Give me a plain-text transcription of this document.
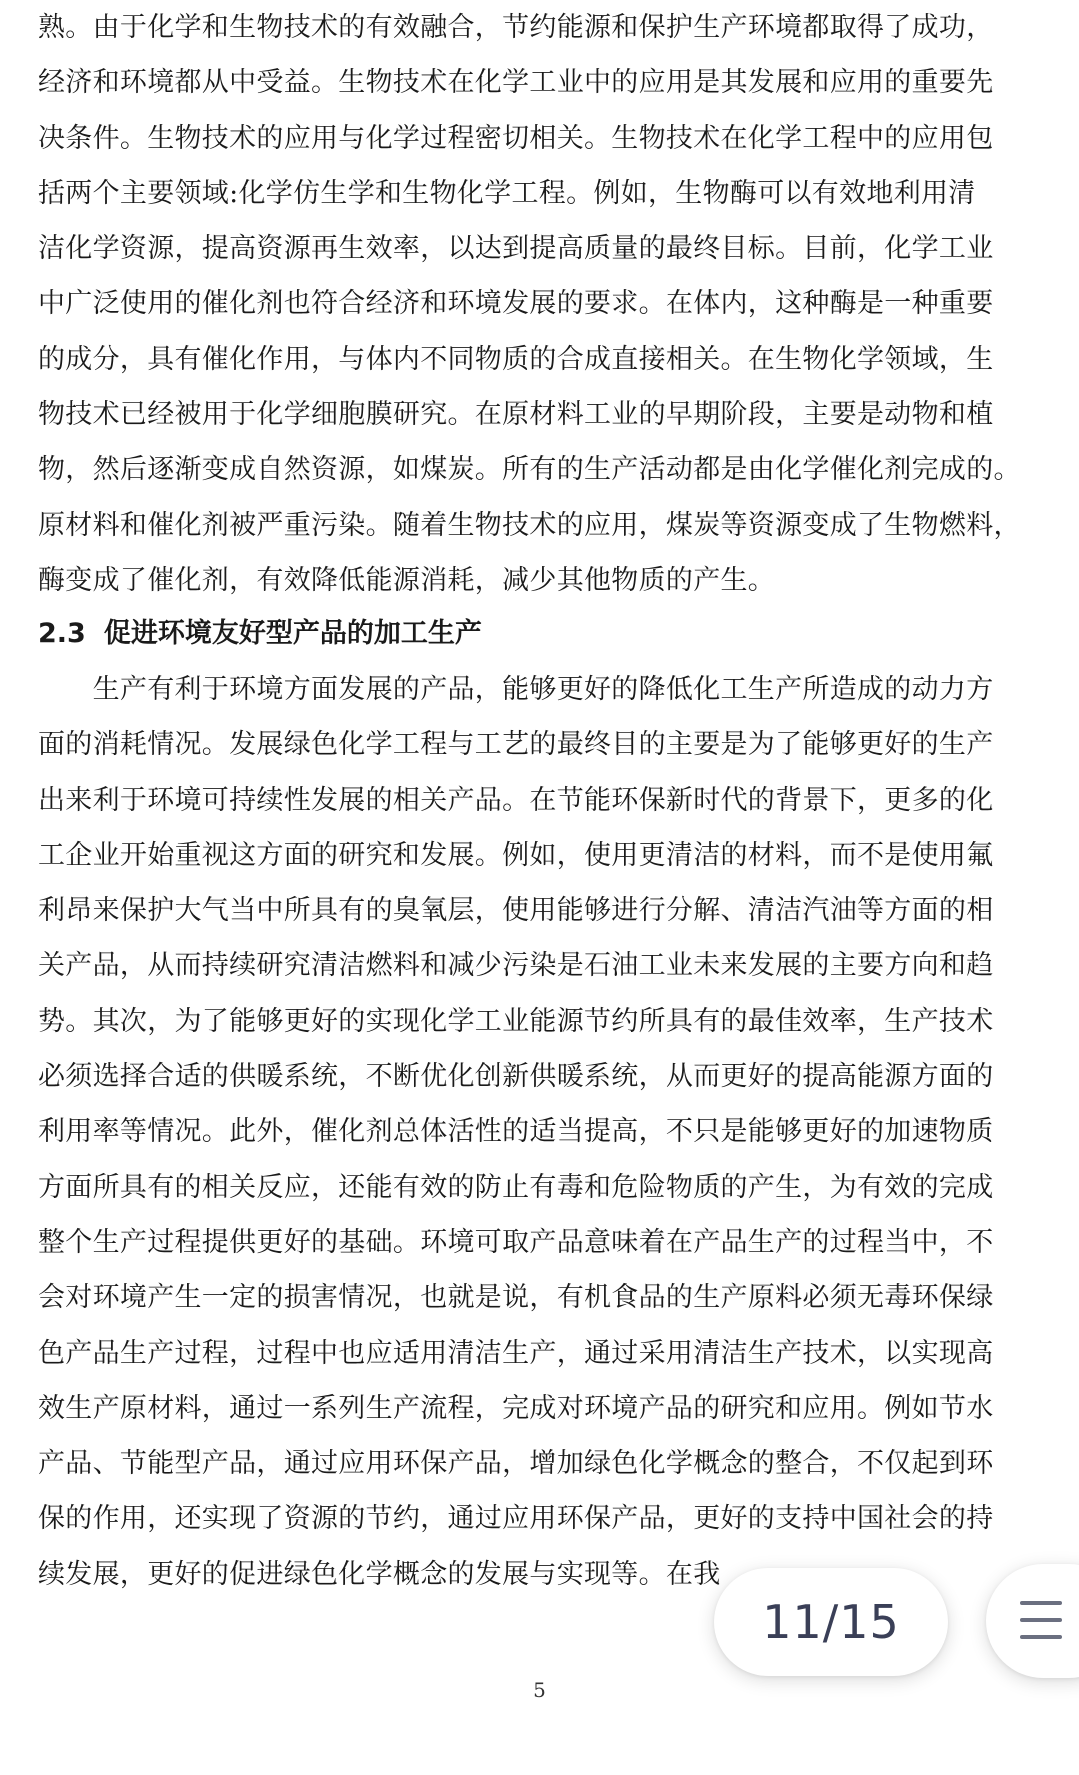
熟。由于化学和生物技术的有效融合，节约能源和保护生产环境都取得了成功，
经济和环境都从中受益。生物技术在化学工业中的应用是其发展和应用的重要先
决条件。生物技术的应用与化学过程密切相关。生物技术在化学工程中的应用包
括两个主要领域:化学仿生学和生物化学工程。例如，生物酶可以有效地利用清
洁化学资源，提高资源再生效率，以达到提高质量的最终目标。目前，化学工业
中广泛使用的催化剂也符合经济和环境发展的要求。在体内，这种酶是一种重要
的成分，具有催化作用，与体内不同物质的合成直接相关。在生物化学领域，生
物技术已经被用于化学细胞膜研究。在原材料工业的早期阶段，主要是动物和植
物，然后逐渐变成自然资源，如煤炭。所有的生产活动都是由化学催化剂完成的。
原材料和催化剂被严重污染。随着生物技术的应用，煤炭等资源变成了生物燃料，
酶变成了催化剂，有效降低能源消耗，减少其他物质的产生。
2.3 促进环境友好型产品的加工生产
　　生产有利于环境方面发展的产品，能够更好的降低化工生产所造成的动力方
面的消耗情况。发展绿色化学工程与工艺的最终目的主要是为了能够更好的生产
出来利于环境可持续性发展的相关产品。在节能环保新时代的背景下，更多的化
工企业开始重视这方面的研究和发展。例如，使用更清洁的材料，而不是使用氟
利昂来保护大气当中所具有的臭氧层，使用能够进行分解、清洁汽油等方面的相
关产品，从而持续研究清洁燃料和减少污染是石油工业未来发展的主要方向和趋
势。其次，为了能够更好的实现化学工业能源节约所具有的最佳效率，生产技术
必须选择合适的供暖系统，不断优化创新供暖系统，从而更好的提高能源方面的
利用率等情况。此外，催化剂总体活性的适当提高，不只是能够更好的加速物质
方面所具有的相关反应，还能有效的防止有毒和危险物质的产生，为有效的完成
整个生产过程提供更好的基础。环境可取产品意味着在产品生产的过程当中，不
会对环境产生一定的损害情况，也就是说，有机食品的生产原料必须无毒环保绿
色产品生产过程，过程中也应适用清洁生产，通过采用清洁生产技术，以实现高
效生产原材料，通过一系列生产流程，完成对环境产品的研究和应用。例如节水
产品、节能型产品，通过应用环保产品，增加绿色化学概念的整合，不仅起到环
保的作用，还实现了资源的节约，通过应用环保产品，更好的支持中国社会的持
续发展，更好的促进绿色化学概念的发展与实现等。在我
5
11/15
